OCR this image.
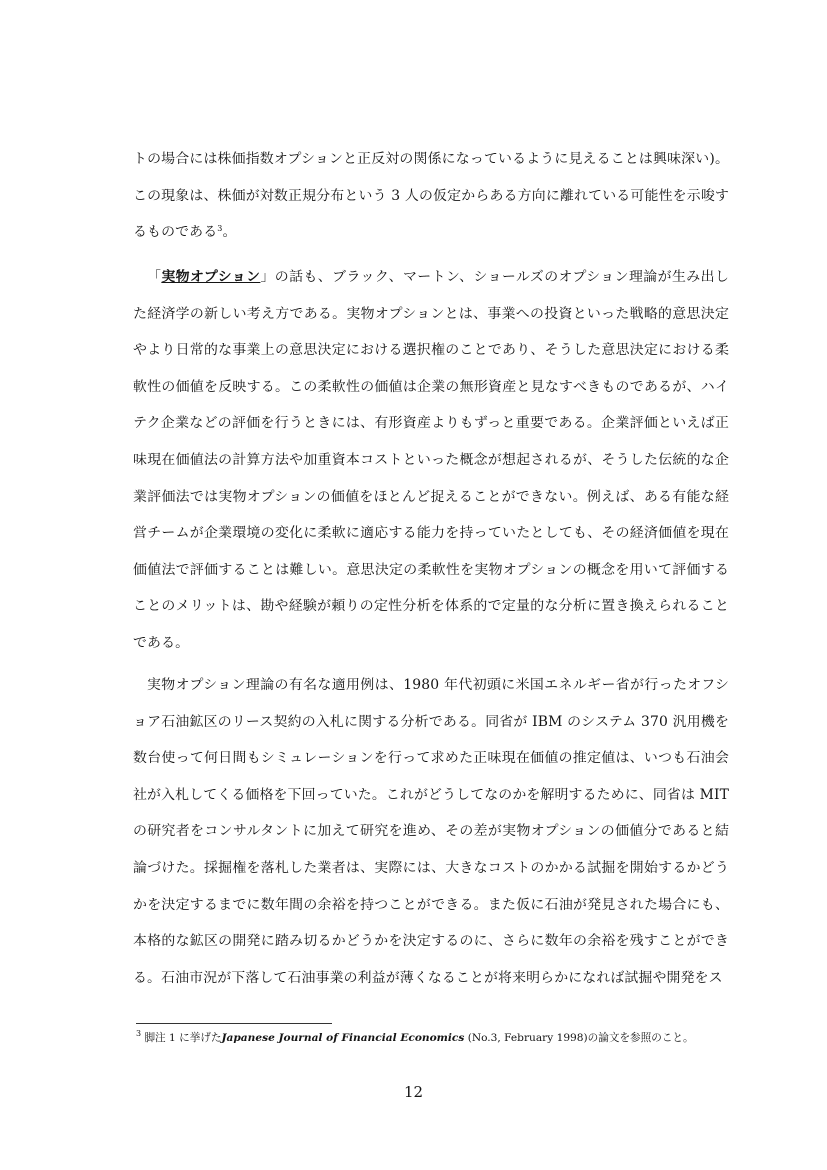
トの場合には株価指数オプションと正反対の関係になっているように見えることは興味深い)。この現象は、株価が対数正規分布という 3 人の仮定からある方向に離れている可能性を示唆するものである$^3$。

「実物オプション」の話も、ブラック、マートン、ショールズのオプション理論が生み出した経済学の新しい考え方である。実物オプションとは、事業への投資といった戦略的意思決定やより日常的な事業上の意思決定における選択権のことであり、そうした意思決定における柔軟性の価値を反映する。この柔軟性の価値は企業の無形資産と見なすべきものであるが、ハイテク企業などの評価を行うときには、有形資産よりもずっと重要である。企業評価といえば正味現在価値法の計算方法や加重資本コストといった概念が想起されるが、そうした伝統的な企業評価法では実物オプションの価値をほとんど捉えることができない。例えば、ある有能な経営チームが企業環境の変化に柔軟に適応する能力を持っていたとしても、その経済価値を現在価値法で評価することは難しい。意思決定の柔軟性を実物オプションの概念を用いて評価することのメリットは、勘や経験が頼りの定性分析を体系的で定量的な分析に置き換えられることである。

実物オプション理論の有名な適用例は、1980 年代初頭に米国エネルギー省が行ったオフショア石油鉱区のリース契約の入札に関する分析である。同省が IBM のシステム 370 汎用機を数台使って何日間もシミュレーションを行って求めた正味現在価値の推定値は、いつも石油会社が入札してくる価格を下回っていた。これがどうしてなのかを解明するために、同省は MIT の研究者をコンサルタントに加えて研究を進め、その差が実物オプションの価値分であると結論づけた。採掘権を落札した業者は、実際には、大きなコストのかかる試掘を開始するかどうかを決定するまでに数年間の余裕を持つことができる。また仮に石油が発見された場合にも、本格的な鉱区の開発に踏み切るかどうかを決定するのに、さらに数年の余裕を残すことができる。石油市況が下落して石油事業の利益が薄くなることが将来明らかになれば試掘や開発をス

$^3$ 脚注 1 に挙げたJapanese Journal of Financial Economics (No.3, February 1998)の論文を参照のこと。
12
